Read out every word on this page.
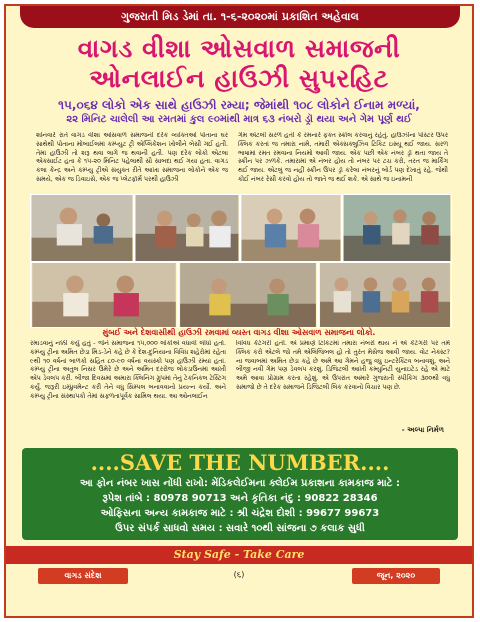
ગુજરાતી મિડ ડેમાં તા. ૧-૬-૨૦૨૦માં પ્રકાશિત અહેવાલ
વાગડ વીશા ઓસવાળ સમાજની
ઓનલાઈન હાઉઝી સુપરહિટ
૧૫,૦૬૪ લોકો એક સાથે હાઉઝી રમ્યા; જેમાંથી ૧૦૮ લોકોને ઈનામ મળ્યાં,
૨૨ મિનિટ ચાલેલી આ રમતમાં કુલ ૯૦માંથી માત્ર ૬૩ નંબરો ડ્રૉ થયા અને ગેમ પૂર્ણ થઈ
શનિવારે રાતે વાગડ વીશા ઓસવાળ સમાજની દરેક વ્યક્તિઓ પોતાના ઘર સાથેથી પોતાના મોબાઈલમાં કમ્પ્યુટ ટ્રી એપ્લિકેશન ખોલીને બેસી ગઈ હતી. તેમાં હાઉઝી તો શરૂ થવા લાગે જ થવાની હતી. પણ દરેક લોકો એટલા એક્સાઈટ હતા કે ૧૫-૨૦ મિનિટ પહેલાથી સૌ સાબદા થઈ ગયા હતા. વાગડ કલા કેન્દ્ર અને કમ્પ્યુ ટ્રીએ સંયુક્ત રીતે આખા સમાજના લોકોને એક જ સમયે, એક જ ડિવાઇસે, એક જ પ્લેટફૉર્મ પરથી હાઉઝી
ગેમ એટલી સરળ હતી કે રમનારે ફક્ત સ્ક્રોલ કરવાનું રહેતું. હાઉઝીના પોસ્ટર ઉપર ક્લિક કરતાં જ તમારા નામે, તમારી એક્સક્લુઝિવ ટિકિટ ઇસ્યૂ થઈ જાય. સરળ ભાષામાં રમત રમવાના નિયમો આવી જાય. એક પછી એક નંબર ડ્રૉ થતા જાય તે સ્ક્રીન પર ઝળકે. તમારામાં એ નંબર હોય તો નંબર પર ટચ કરો, તરત જ માર્કિંગ થઈ જાય. એટલું જ નહીં સ્ક્રીન ઉપર ડ્રૉ કરેલા નંબરનું બોર્ડ પણ દેખાતું રહે. જેથી કોઈ નંબર રેસી કરવો હોય તો જાતે જ થઈ શકે. એ સાથે જ ઇનામની
મુંબઈ અને દેશવાસીથી હાઉઝી રમવામાં વ્યસ્ત વાગડ વીશા ઓસવાળ સમાજના લોકો.
રમાડવાનું નક્કી કર્યું હતું - જેને સમાજના ૧૫,૦૦૦ લોકોએ વધાવી લીધો હતો. કમ્પ્યુ ટ્રીના અમિત છેડા મિડ-ડેને કહે છે કે દેશ-દુનિયાના વિવિધ શહેરોમાં રહેતા ૯થી ૧૦ વર્ષનાં બાળકો સહિત ૮૦-૯૦ વર્ષના વયસ્કો પણ હાઉઝી રમ્યાં હતાં. કમ્પ્યુ ટ્રીના અતુલ નિસર ઉમેરે છે અને અમિત દરરોજ લોકડાઉનમાં આખી એપ ડેવલપ કરી. બીજા દિવસમાં અમારા ક્લિનિંગ ગ્રુપમાં તેનું ટેકનિકલ ટેસ્ટિંગ કર્યું. જરૂરી ઇમ્પ્રુવમેન્ટ કરી તેને વધુ સિમ્પલ બનાવવાનો પ્રયત્ન કર્યો. અને કમ્પ્યુ ટ્રીના સંસ્થાપકો તેમાં સફળતાપૂર્વક સામિલ થયા. આ ઓનલાઈન
વિવિધ કેટેગરી હતી. એ પ્રમાણે ટિકિટમાં તમારા નંબરો થાય ને એ કેટેગરી પર તમે ક્લિક કરો એટલે જો તમે એલિજિબલ હો તો તુરંત મેસેજ આવી જાય. વોટ નેક્સ્ટ? ના જવાબમાં અમિત છેડા કહે છે અમે આ ગેમને હજુ વધુ ઇન્ટરેક્ટિવ બનાવશું, અને બીજી નવી ગેમ પણ ડેવલપ કરશું. ડિજિટલી આખી કમ્યુનિટી યુનાઇટેડ રહે એ માટે અમે આવા પ્રોગ્રામ કરતા રહેશું. એ ઉપરાંત અમારે ગુજરાતી સ્પીકિંગ ૩૦૦થી વધુ સમાજો છે તે દરેક સમાજને ડિજિટલી લિંક કરવાનો વિચાર પણ છે.
- અલ્પા નિર્મળ
....SAVE THE NUMBER....
આ ફોન નંબર ખાસ નોંધી રાખો: મેંડિકલેઈમના ક્લેઈમ પ્રકાશના કામકાજ માટે :
રૂપેશ તાંબે : 80978 90713 અને કૃતિકા નંદુ : 90822 28346
ઓફિસના અન્ય કામકાજ માટે : શ્રી ચંદ્રેશ દોશી : 99677 99673
ઉપર સંપર્ક સાધવો સમય : સવારે ૧૦થી સાંજના ૭ કલાક સુધી
Stay Safe - Take Care
વાગડ સંદેશ	(૬)	જૂન, ૨૦૨૦
